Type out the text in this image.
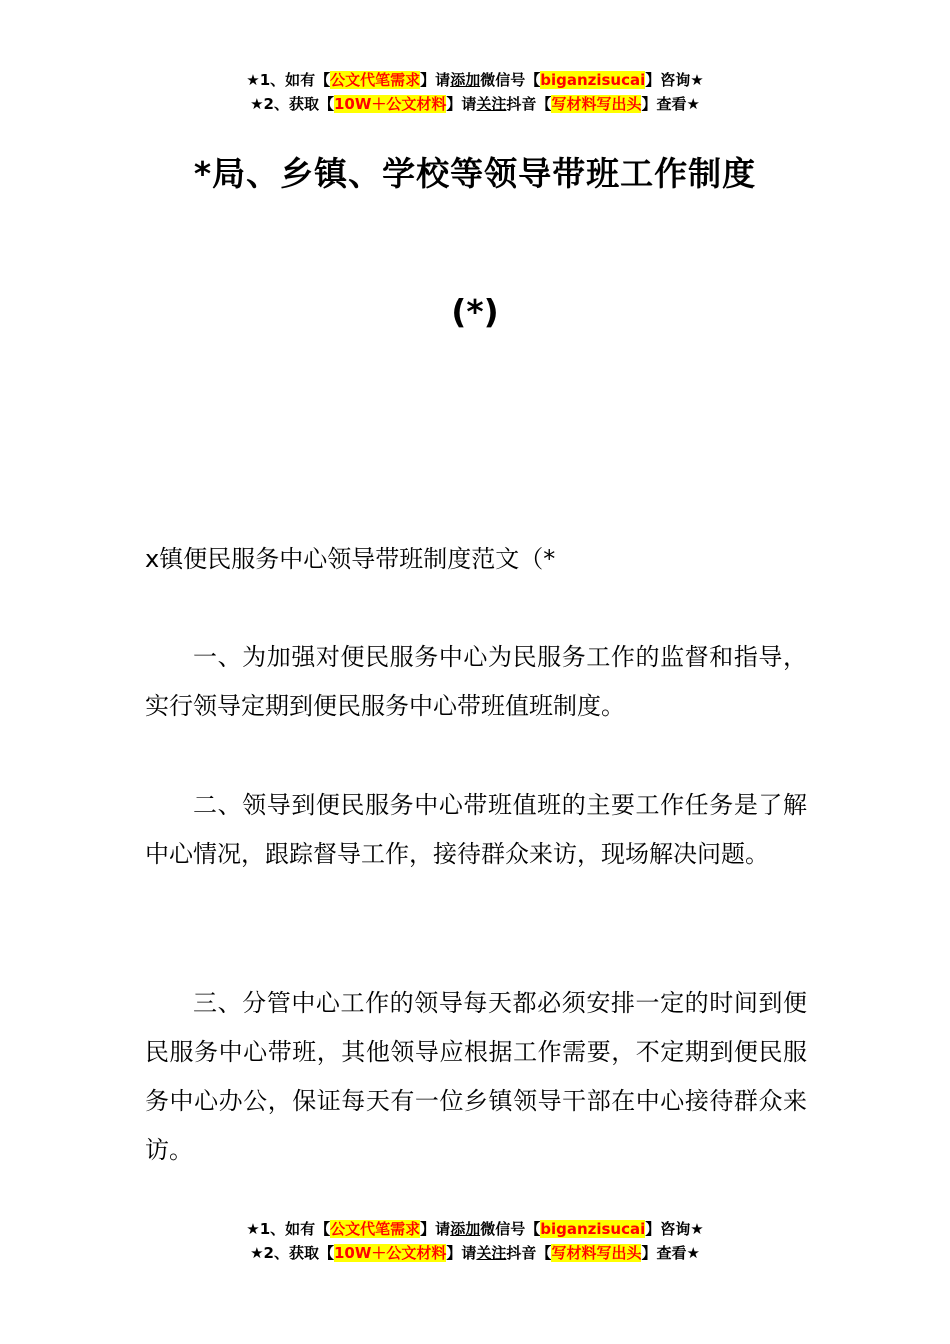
★1、如有【公文代笔需求】请添加微信号【biganzisucai】咨询★
★2、获取【10W＋公文材料】请关注抖音【写材料写出头】查看★
*局、乡镇、学校等领导带班工作制度
(*)
x镇便民服务中心领导带班制度范文（*

一、为加强对便民服务中心为民服务工作的监督和指导，实行领导定期到便民服务中心带班值班制度。

二、领导到便民服务中心带班值班的主要工作任务是了解中心情况，跟踪督导工作，接待群众来访，现场解决问题。

三、分管中心工作的领导每天都必须安排一定的时间到便民服务中心带班，其他领导应根据工作需要，不定期到便民服务中心办公，保证每天有一位乡镇领导干部在中心接待群众来访。

★1、如有【公文代笔需求】请添加微信号【biganzisucai】咨询★
★2、获取【10W＋公文材料】请关注抖音【写材料写出头】查看★
